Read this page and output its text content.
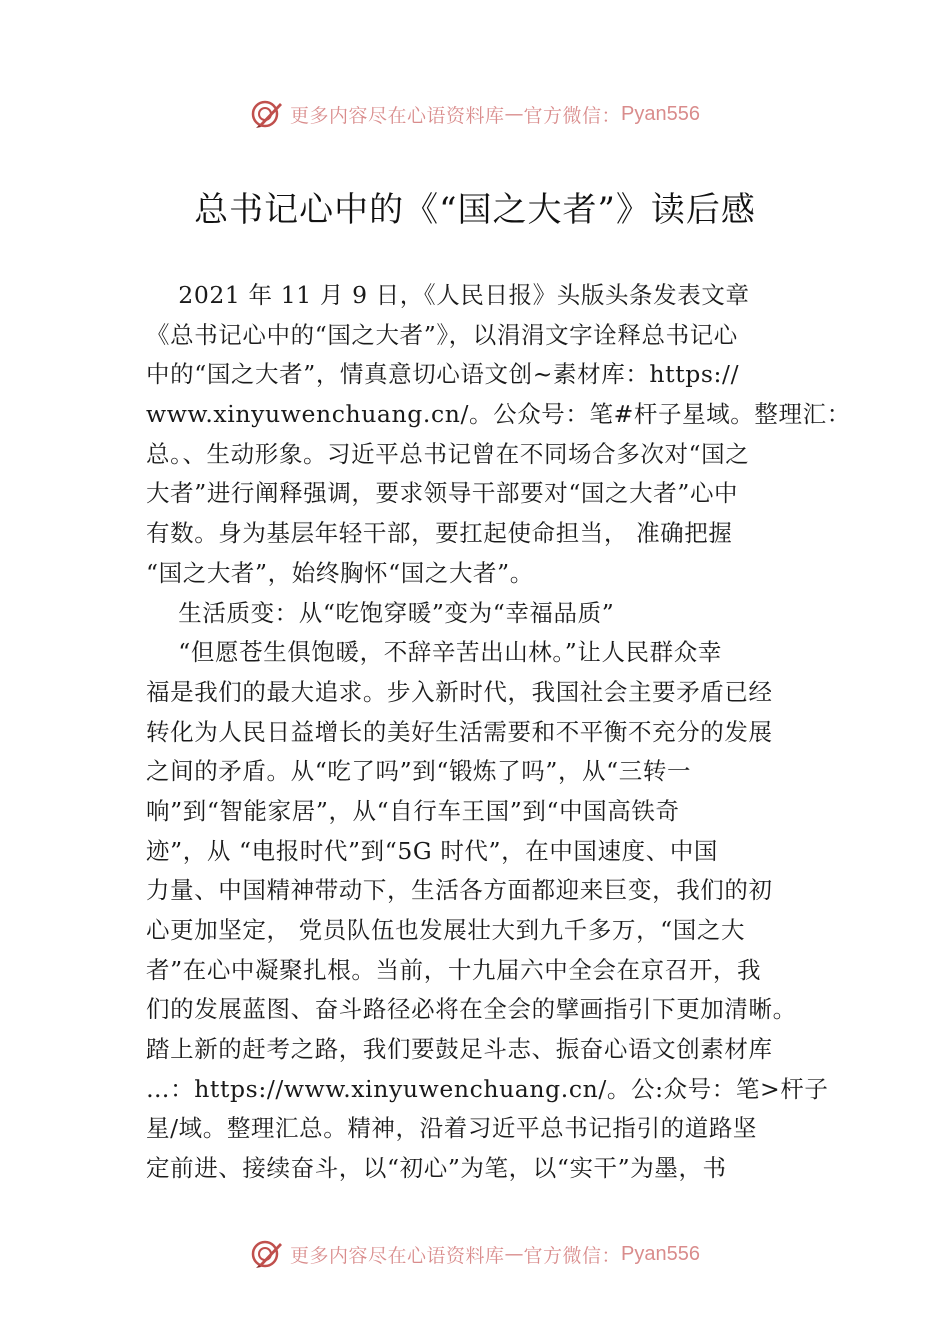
更多内容尽在心语资料库 — 官方微信： Pyan556
总书记心中的《“国之大者”》读后感
2021 年 11 月 9 日，《人民日报》头版头条发表文章
《总书记心中的“国之大者”》，以涓涓文字诠释总书记心
中的“国之大者”，情真意切心语文创~素材库：https://
www.xinyuwenchuang.cn/。公众号：笔#杆子星域。整理汇：
总。、生动形象。习近平总书记曾在不同场合多次对“国之
大者”进行阐释强调，要求领导干部要对“国之大者”心中
有数。身为基层年轻干部，要扛起使命担当， 准确把握
“国之大者”，始终胸怀“国之大者”。
生活质变：从“吃饱穿暖”变为“幸福品质”
“但愿苍生俱饱暖，不辞辛苦出山林。”让人民群众幸
福是我们的最大追求。步入新时代，我国社会主要矛盾已经
转化为人民日益增长的美好生活需要和不平衡不充分的发展
之间的矛盾。从“吃了吗”到“锻炼了吗”，从“三转一
响”到“智能家居”，从“自行车王国”到“中国高铁奇
迹”，从 “电报时代”到“5G 时代”，在中国速度、中国
力量、中国精神带动下，生活各方面都迎来巨变，我们的初
心更加坚定， 党员队伍也发展壮大到九千多万，“国之大
者”在心中凝聚扎根。当前，十九届六中全会在京召开，我
们的发展蓝图、奋斗路径必将在全会的擘画指引下更加清晰。
踏上新的赶考之路，我们要鼓足斗志、振奋心语文创素材库
…：https://www.xinyuwenchuang.cn/。公:众号：笔>杆子
星/域。整理汇总。精神，沿着习近平总书记指引的道路坚
定前进、接续奋斗，以“初心”为笔，以“实干”为墨，书
更多内容尽在心语资料库 — 官方微信： Pyan556
